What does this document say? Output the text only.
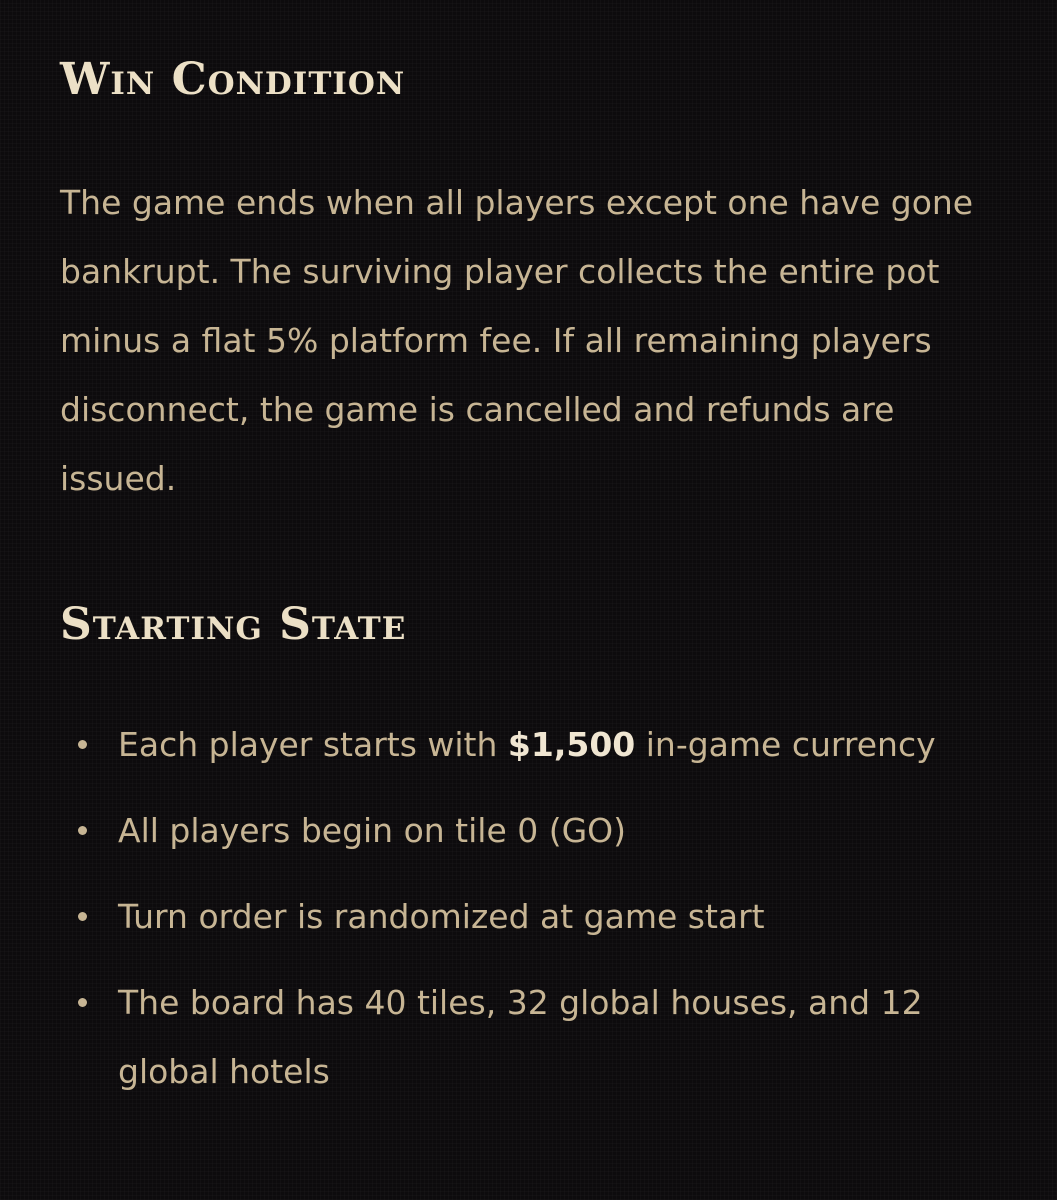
Win Condition

The game ends when all players except one have gone bankrupt. The surviving player collects the entire pot minus a flat 5% platform fee. If all remaining players disconnect, the game is cancelled and refunds are issued.

Starting State
Each player starts with $1,500 in-game currency
All players begin on tile 0 (GO)
Turn order is randomized at game start
The board has 40 tiles, 32 global houses, and 12 global hotels
